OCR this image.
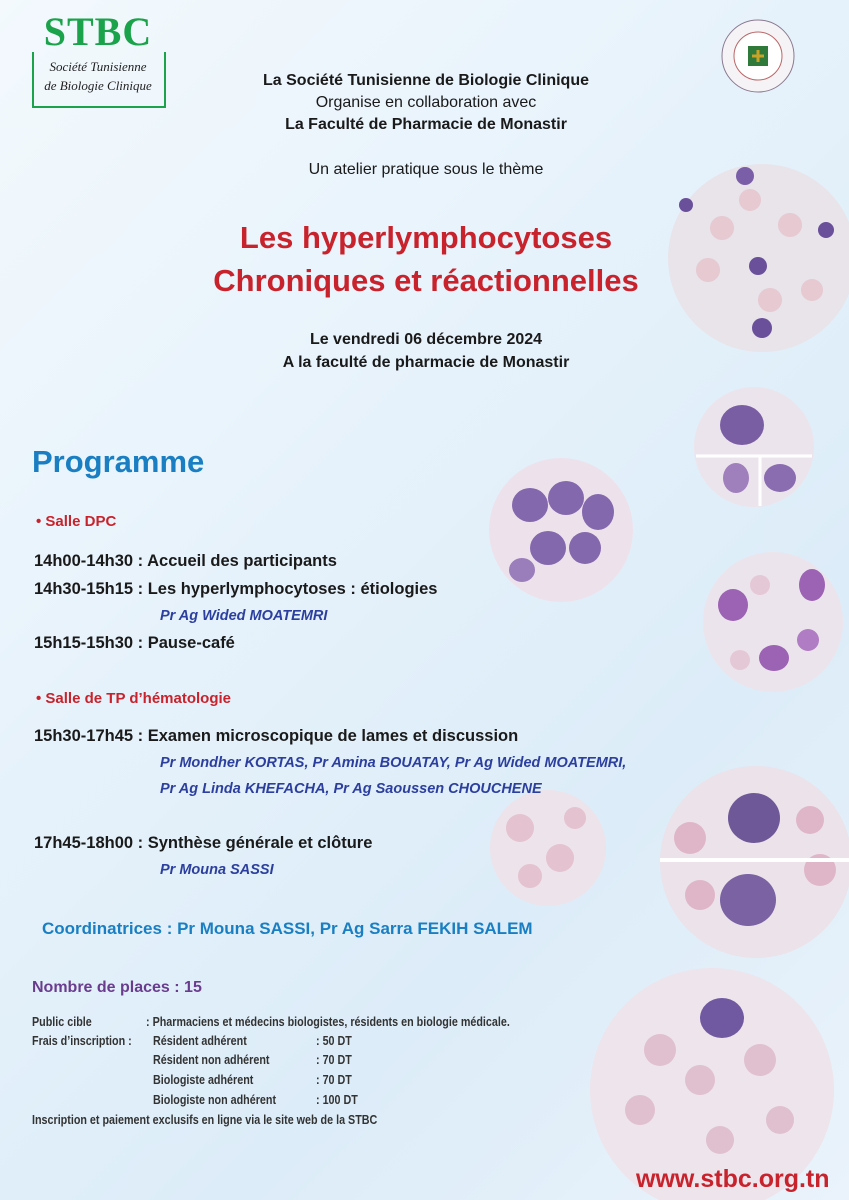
STBC
Société Tunisienne
de Biologie Clinique	La Société Tunisienne de Biologie Clinique
Organise en collaboration avec
La Faculté de Pharmacie de Monastir
Un atelier pratique sous le thème
Les hyperlymphocytoses
Chroniques et réactionnelles
Le vendredi 06 décembre 2024
A la faculté de pharmacie de Monastir
Programme
• Salle DPC
14h00-14h30 : Accueil des participants
14h30-15h15 : Les hyperlymphocytoses : étiologies
Pr Ag Wided MOATEMRI
15h15-15h30 : Pause-café
• Salle de TP d’hématologie
15h30-17h45 : Examen microscopique de lames et discussion
Pr Mondher KORTAS, Pr Amina BOUATAY, Pr Ag Wided MOATEMRI,
Pr Ag Linda KHEFACHA, Pr Ag Saoussen CHOUCHENE
17h45-18h00 : Synthèse générale et clôture
Pr Mouna SASSI
Coordinatrices : Pr Mouna SASSI, Pr Ag Sarra FEKIH SALEM
Nombre de places : 15
Public cible	: Pharmaciens et médecins biologistes, résidents en biologie médicale.
Frais d’inscription : Résident adhérent	: 50 DT
Résident non adhérent	: 70 DT
Biologiste adhérent	: 70 DT
Biologiste non adhérent	: 100 DT
Inscription et paiement exclusifs en ligne via le site web de la STBC
www.stbc.org.tn
